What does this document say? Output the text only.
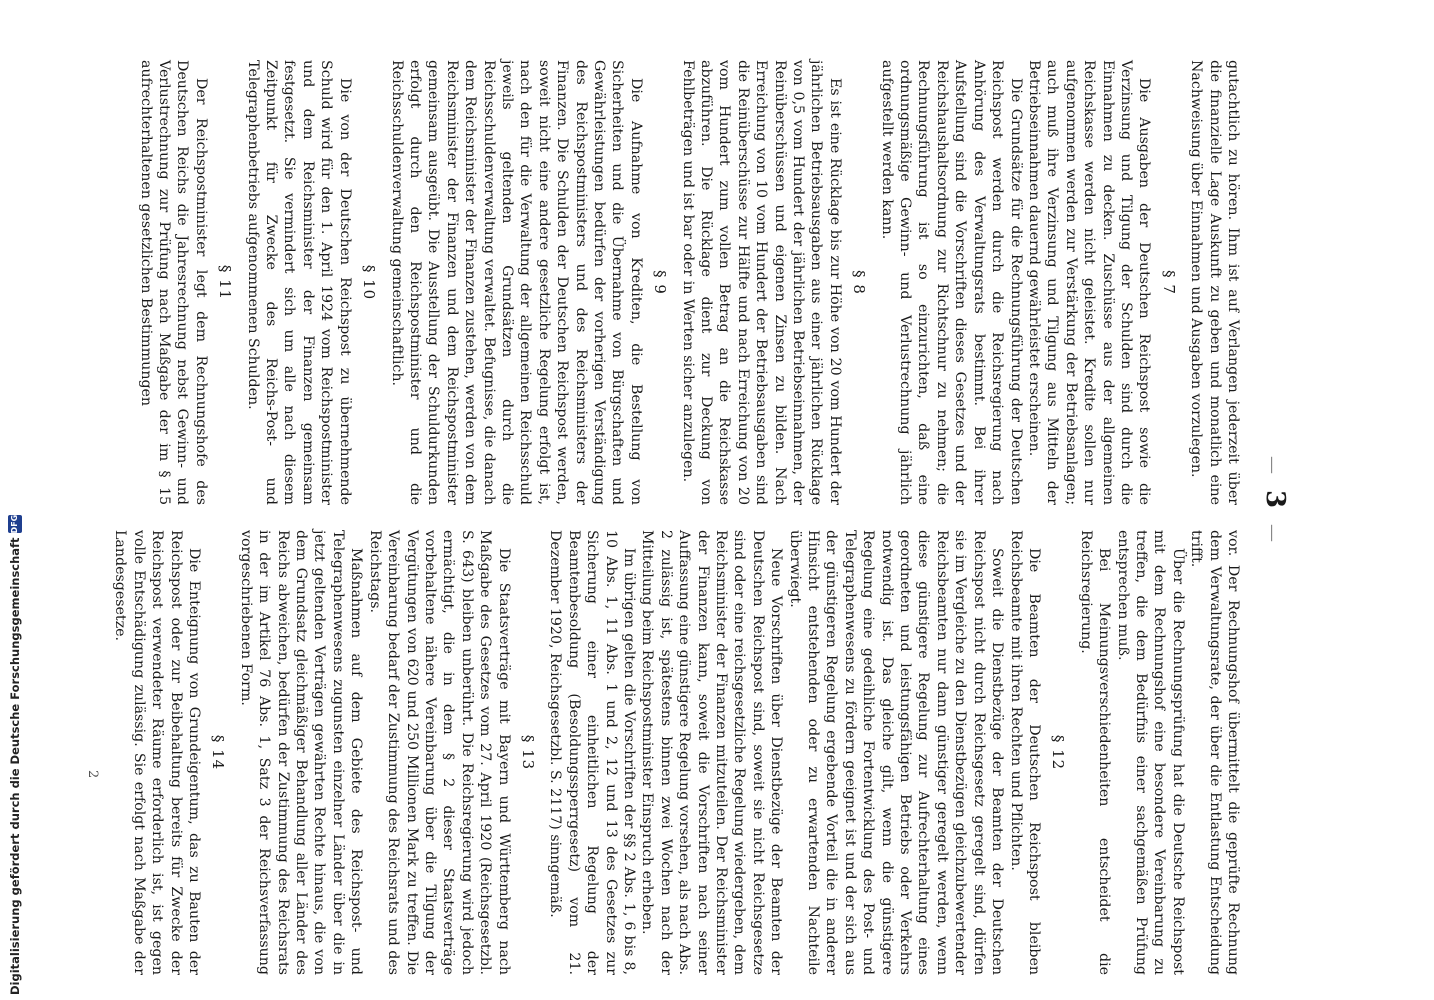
—3—

gutachtlich zu hören. Ihm ist auf Verlangen jederzeit über die finanzielle Lage Auskunft zu geben und monatlich eine Nachweisung über Einnahmen und Ausgaben vorzulegen.

§ 7

Die Ausgaben der Deutschen Reichspost sowie die Verzinsung und Tilgung der Schulden sind durch die Einnahmen zu decken. Zuschüsse aus der allgemeinen Reichskasse werden nicht geleistet. Kredite sollen nur aufgenommen werden zur Verstärkung der Betriebsanlagen; auch muß ihre Verzinsung und Tilgung aus Mitteln der Betriebseinnahmen dauernd gewährleistet erscheinen.

Die Grundsätze für die Rechnungsführung der Deutschen Reichspost werden durch die Reichsregierung nach Anhörung des Verwaltungsrats bestimmt. Bei ihrer Aufstellung sind die Vorschriften dieses Gesetzes und der Reichshaushaltsordnung zur Richtschnur zu nehmen; die Rechnungsführung ist so einzurichten, daß eine ordnungsmäßige Gewinn- und Verlustrechnung jährlich aufgestellt werden kann.

§ 8

Es ist eine Rücklage bis zur Höhe von 20 vom Hundert der jährlichen Betriebsausgaben aus einer jährlichen Rücklage von 0,5 vom Hundert der jährlichen Betriebseinnahmen, der Reinüberschüssen und eigenen Zinsen zu bilden. Nach Erreichung von 10 vom Hundert der Betriebsausgaben sind die Reinüberschüsse zur Hälfte und nach Erreichung von 20 vom Hundert zum vollen Betrag an die Reichskasse abzuführen. Die Rücklage dient zur Deckung von Fehlbeträgen und ist bar oder in Werten sicher anzulegen.

§ 9

Die Aufnahme von Krediten, die Bestellung von Sicherheiten und die Übernahme von Bürgschaften und Gewährleistungen bedürfen der vorherigen Verständigung des Reichspostministers und des Reichsministers der Finanzen. Die Schulden der Deutschen Reichspost werden, soweit nicht eine andere gesetzliche Regelung erfolgt ist, nach den für die Verwaltung der allgemeinen Reichsschuld jeweils geltenden Grundsätzen durch die Reichsschuldenverwaltung verwaltet. Befugnisse, die danach dem Reichsminister der Finanzen zustehen, werden von dem Reichsminister der Finanzen und dem Reichspostminister gemeinsam ausgeübt. Die Ausstellung der Schuldurkunden erfolgt durch den Reichspostminister und die Reichsschuldenverwaltung gemeinschaftlich.

§ 10

Die von der Deutschen Reichspost zu übernehmende Schuld wird für den 1. April 1924 vom Reichspostminister und dem Reichsminister der Finanzen gemeinsam festgesetzt. Sie vermindert sich um alle nach diesem Zeitpunkt für Zwecke des Reichs-Post- und Telegraphenbetriebs aufgenommenen Schulden.

§ 11

Der Reichspostminister legt dem Rechnungshofe des Deutschen Reichs die Jahresrechnung nebst Gewinn- und Verlustrechnung zur Prüfung nach Maßgabe der im § 15 aufrechterhaltenen gesetzlichen Bestimmungen

vor. Der Rechnungshof übermittelt die geprüfte Rechnung dem Verwaltungsrate, der über die Entlastung Entscheidung trifft.

Über die Rechnungsprüfung hat die Deutsche Reichspost mit dem Rechnungshof eine besondere Vereinbarung zu treffen, die dem Bedürfnis einer sachgemäßen Prüfung entsprechen muß.

Bei Meinungsverschiedenheiten entscheidet die Reichsregierung.

§ 12

Die Beamten der Deutschen Reichspost bleiben Reichsbeamte mit ihren Rechten und Pflichten.

Soweit die Dienstbezüge der Beamten der Deutschen Reichspost nicht durch Reichsgesetz geregelt sind, dürfen sie im Vergleiche zu den Dienstbezügen gleichzubewertender Reichsbeamten nur dann günstiger geregelt werden, wenn diese günstigere Regelung zur Aufrechterhaltung eines geordneten und leistungsfähigen Betriebs oder Verkehrs notwendig ist. Das gleiche gilt, wenn die günstigere Regelung eine gedeihliche Fortentwicklung des Post- und Telegraphenwesens zu fördern geeignet ist und der sich aus der günstigeren Regelung ergebende Vorteil die in anderer Hinsicht entstehenden oder zu erwartenden Nachteile überwiegt.

Neue Vorschriften über Dienstbezüge der Beamten der Deutschen Reichspost sind, soweit sie nicht Reichsgesetze sind oder eine reichsgesetzliche Regelung wiedergeben, dem Reichsminister der Finanzen mitzuteilen. Der Reichsminister der Finanzen kann, soweit die Vorschriften nach seiner Auffassung eine günstigere Regelung vorsehen, als nach Abs. 2 zulässig ist, spätestens binnen zwei Wochen nach der Mitteilung beim Reichspostminister Einspruch erheben.

Im übrigen gelten die Vorschriften der §§ 2 Abs. 1, 6 bis 8, 10 Abs. 1, 11 Abs. 1 und 2, 12 und 13 des Gesetzes zur Sicherung einer einheitlichen Regelung der Beamtenbesoldung (Besoldungssperrgesetz) vom 21. Dezember 1920, Reichsgesetzbl. S. 2117) sinngemäß.

§ 13

Die Staatsverträge mit Bayern und Württemberg nach Maßgabe des Gesetzes vom 27. April 1920 (Reichsgesetzbl. S. 643) bleiben unberührt. Die Reichsregierung wird jedoch ermächtigt, die in dem § 2 dieser Staatsverträge vorbehaltene nähere Vereinbarung über die Tilgung der Vergütungen von 620 und 250 Millionen Mark zu treffen. Die Vereinbarung bedarf der Zustimmung des Reichsrats und des Reichstags.

Maßnahmen auf dem Gebiete des Reichspost- und Telegraphenwesens zugunsten einzelner Länder über die in jetzt geltenden Verträgen gewährten Rechte hinaus, die von dem Grundsatz gleichmäßiger Behandlung aller Länder des Reichs abweichen, bedürfen der Zustimmung des Reichsrats in der im Artikel 76 Abs. 1, Satz 3 der Reichsverfassung vorgeschriebenen Form.

§ 14

Die Enteignung von Grundeigentum, das zu Bauten der Reichspost oder zur Beibehaltung bereits für Zwecke der Reichspost verwendeter Räume erforderlich ist, ist gegen volle Entschädigung zulässig. Sie erfolgt nach Maßgabe der Landesgesetze.

2
Digitalisierung gefördert durch die Deutsche Forschungsgemeinschaft
DFG
